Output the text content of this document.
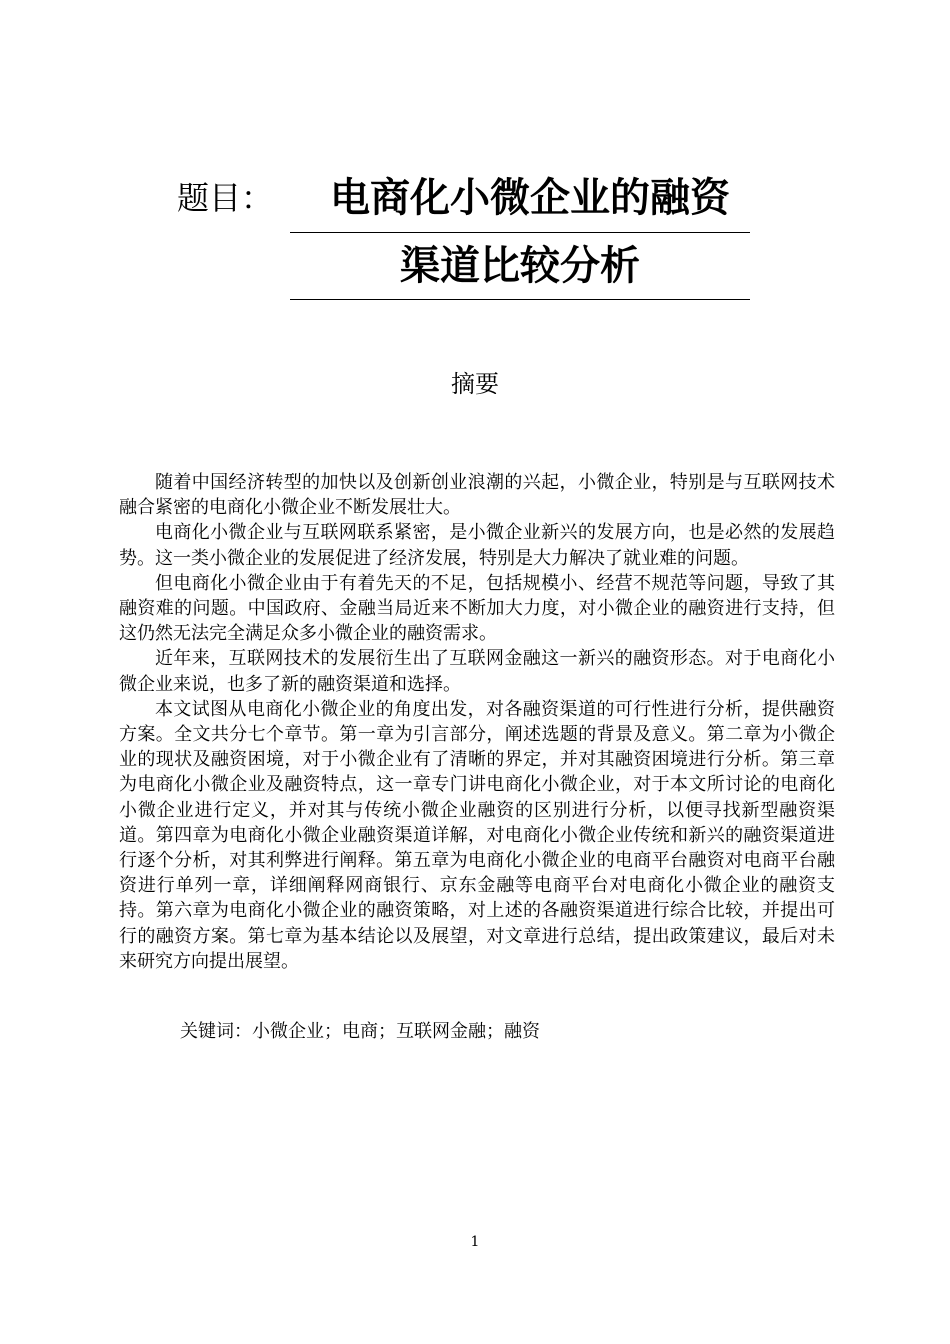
题目：	电商化小微企业的融资
渠道比较分析
摘要

随着中国经济转型的加快以及创新创业浪潮的兴起，小微企业，特别是与互联网技术融合紧密的电商化小微企业不断发展壮大。

电商化小微企业与互联网联系紧密，是小微企业新兴的发展方向，也是必然的发展趋势。这一类小微企业的发展促进了经济发展，特别是大力解决了就业难的问题。

但电商化小微企业由于有着先天的不足，包括规模小、经营不规范等问题，导致了其融资难的问题。中国政府、金融当局近来不断加大力度，对小微企业的融资进行支持，但这仍然无法完全满足众多小微企业的融资需求。

近年来，互联网技术的发展衍生出了互联网金融这一新兴的融资形态。对于电商化小微企业来说，也多了新的融资渠道和选择。

本文试图从电商化小微企业的角度出发，对各融资渠道的可行性进行分析，提供融资方案。全文共分七个章节。第一章为引言部分，阐述选题的背景及意义。第二章为小微企业的现状及融资困境，对于小微企业有了清晰的界定，并对其融资困境进行分析。第三章为电商化小微企业及融资特点，这一章专门讲电商化小微企业，对于本文所讨论的电商化小微企业进行定义，并对其与传统小微企业融资的区别进行分析，以便寻找新型融资渠道。第四章为电商化小微企业融资渠道详解，对电商化小微企业传统和新兴的融资渠道进行逐个分析，对其利弊进行阐释。第五章为电商化小微企业的电商平台融资对电商平台融资进行单列一章，详细阐释网商银行、京东金融等电商平台对电商化小微企业的融资支持。第六章为电商化小微企业的融资策略，对上述的各融资渠道进行综合比较，并提出可行的融资方案。第七章为基本结论以及展望，对文章进行总结，提出政策建议，最后对未来研究方向提出展望。

关键词：小微企业；电商；互联网金融；融资
1
